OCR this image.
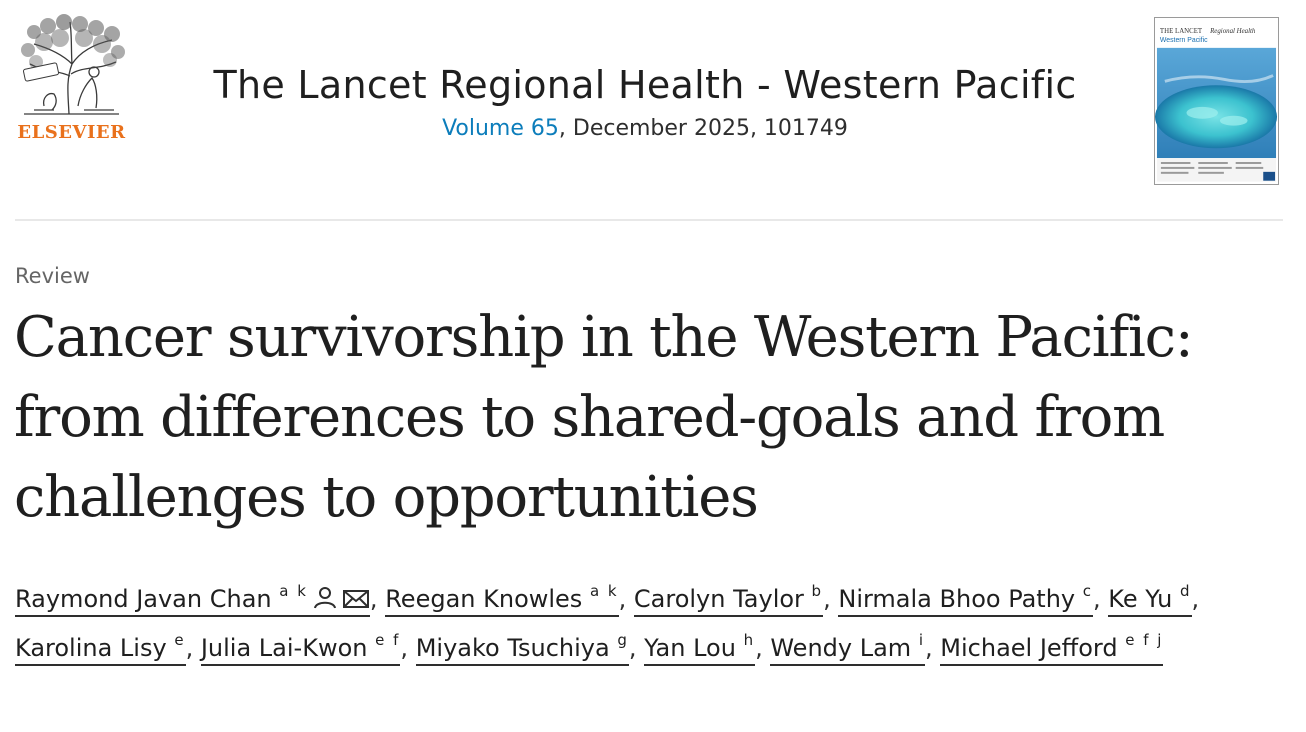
ELSEVIER
The Lancet Regional Health - Western Pacific
Volume 65, December 2025, 101749
THE LANCET Regional Health
Western Pacific
Review
Cancer survivorship in the Western Pacific: from differences to shared-goals and from challenges to opportunities
Raymond Javan Chan $^{a k}$	, Reegan Knowles $^{a k}$, Carolyn Taylor $^b$, Nirmala Bhoo Pathy $^c$, Ke Yu $^d$, Karolina Lisy $^e$, Julia Lai-Kwon $^{e f}$, Miyako Tsuchiya $^g$, Yan Lou $^h$, Wendy Lam $^i$, Michael Jefford $^{e f j}$
